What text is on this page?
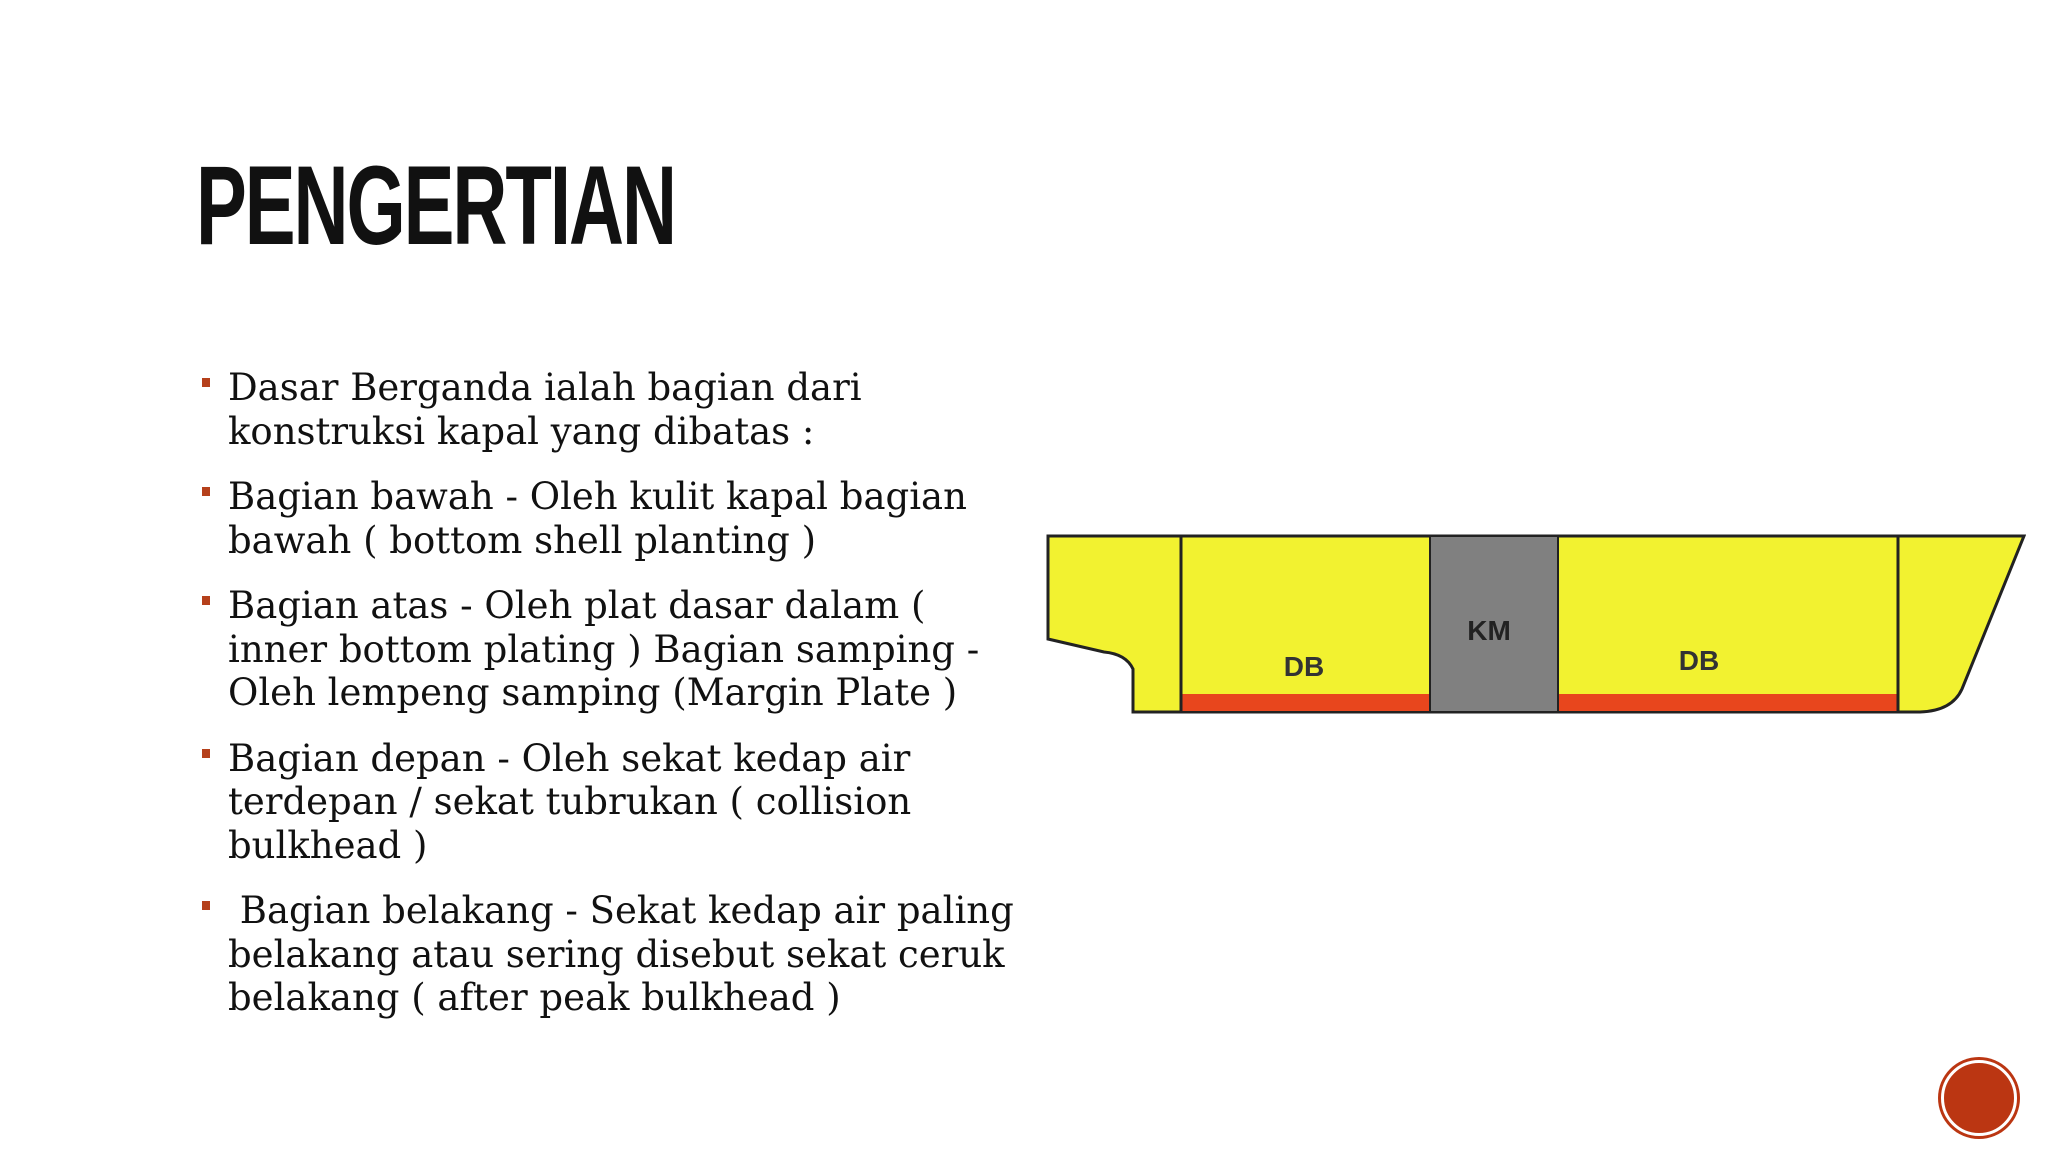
PENGERTIAN
Dasar Berganda ialah bagian dari konstruksi kapal yang dibatas :
Bagian bawah - Oleh kulit kapal bagian bawah ( bottom shell planting )
Bagian atas - Oleh plat dasar dalam ( inner bottom plating ) Bagian samping - Oleh lempeng samping (Margin Plate )
Bagian depan - Oleh sekat kedap air terdepan / sekat tubrukan ( collision bulkhead )
Bagian belakang - Sekat kedap air paling belakang atau sering disebut sekat ceruk belakang ( after peak bulkhead )
DB
KM
DB
